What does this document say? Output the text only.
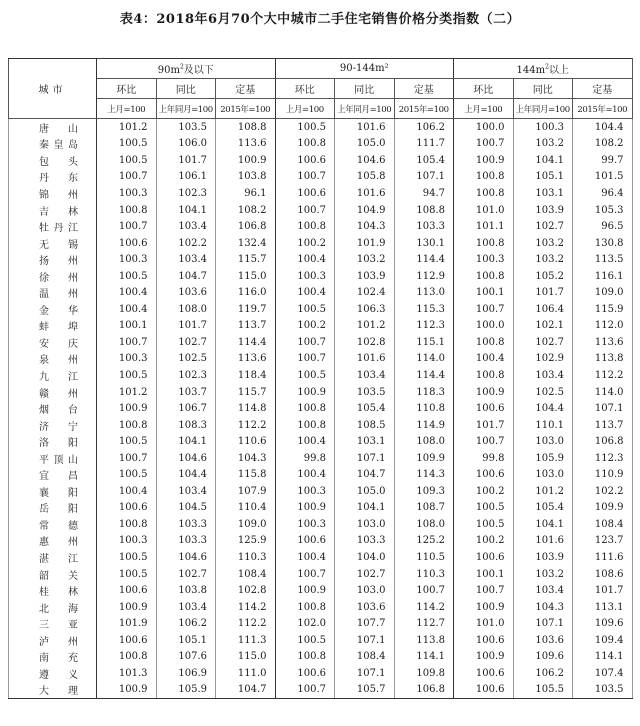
表4：2018年6月70个大中城市二手住宅销售价格分类指数（二）
城市	$90m^2$及以下			90-144m²			$144m^2$以上		
	环比	同比	定基	环比	同比	定基	环比	同比	定基
	上月=100	上年同月=100	2015年=100	上月=100	上年同月=100	2015年=100	上月=100	上年同月=100	2015年=100
唐山	101.2	103.5	108.8	100.5	101.6	106.2	100.0	100.3	104.4
秦皇岛	100.5	106.0	113.6	100.8	105.0	111.7	100.7	103.2	108.2
包头	100.5	101.7	100.9	100.6	104.6	105.4	100.9	104.1	99.7
丹东	100.7	106.1	103.8	100.7	105.8	107.1	100.8	105.1	101.5
锦州	100.3	102.3	96.1	100.6	101.6	94.7	100.8	103.1	96.4
吉林	100.8	104.1	108.2	100.7	104.9	108.8	101.0	103.9	105.3
牡丹江	100.7	103.4	106.8	100.8	104.3	103.3	101.1	102.7	96.5
无锡	100.6	102.2	132.4	100.2	101.9	130.1	100.8	103.2	130.8
扬州	100.3	103.4	115.7	100.4	103.2	114.4	100.3	103.2	113.5
徐州	100.5	104.7	115.0	100.3	103.9	112.9	100.8	105.2	116.1
温州	100.4	103.6	116.0	100.4	102.4	113.0	100.1	101.7	109.0
金华	100.4	108.0	119.7	100.5	106.3	115.3	100.7	106.4	115.9
蚌埠	100.1	101.7	113.7	100.2	101.2	112.3	100.0	102.1	112.0
安庆	100.7	102.7	114.4	100.7	102.8	115.1	100.8	102.7	113.6
泉州	100.3	102.5	113.6	100.7	101.6	114.0	100.4	102.9	113.8
九江	100.5	102.3	118.4	100.5	103.4	114.4	100.8	103.4	112.2
赣州	101.2	103.7	115.7	100.9	103.5	118.3	100.9	102.5	114.0
烟台	100.9	106.7	114.8	100.8	105.4	110.8	100.6	104.4	107.1
济宁	100.8	108.3	112.2	100.8	108.5	114.9	101.7	110.1	113.7
洛阳	100.5	104.1	110.6	100.4	103.1	108.0	100.7	103.0	106.8
平顶山	100.7	104.6	104.3	99.8	107.1	109.9	99.8	105.9	112.3
宜昌	100.5	104.4	115.8	100.4	104.7	114.3	100.6	103.0	110.9
襄阳	100.4	103.4	107.9	100.3	105.0	109.3	100.2	101.2	102.2
岳阳	100.6	104.5	110.4	100.9	104.1	108.7	100.5	105.4	109.9
常德	100.8	103.3	109.0	100.3	103.0	108.0	100.5	104.1	108.4
惠州	100.3	103.3	125.9	100.6	103.3	125.2	100.2	101.6	123.7
湛江	100.5	104.6	110.3	100.4	104.0	110.5	100.6	103.9	111.6
韶关	100.5	102.7	108.4	100.7	102.7	110.3	100.1	103.2	108.6
桂林	100.6	103.8	102.8	100.9	103.0	100.7	100.7	103.4	101.7
北海	100.9	103.4	114.2	100.8	103.6	114.2	100.9	104.3	113.1
三亚	101.9	106.2	112.2	102.0	107.7	112.7	101.0	107.1	109.6
泸州	100.6	105.1	111.3	100.5	107.1	113.8	100.6	103.6	109.4
南充	100.8	107.6	115.0	100.8	108.4	114.1	100.9	109.6	114.1
遵义	101.3	106.9	111.0	100.6	107.1	109.8	100.6	106.2	107.4
大理	100.9	105.9	104.7	100.7	105.7	106.8	100.6	105.5	103.5
